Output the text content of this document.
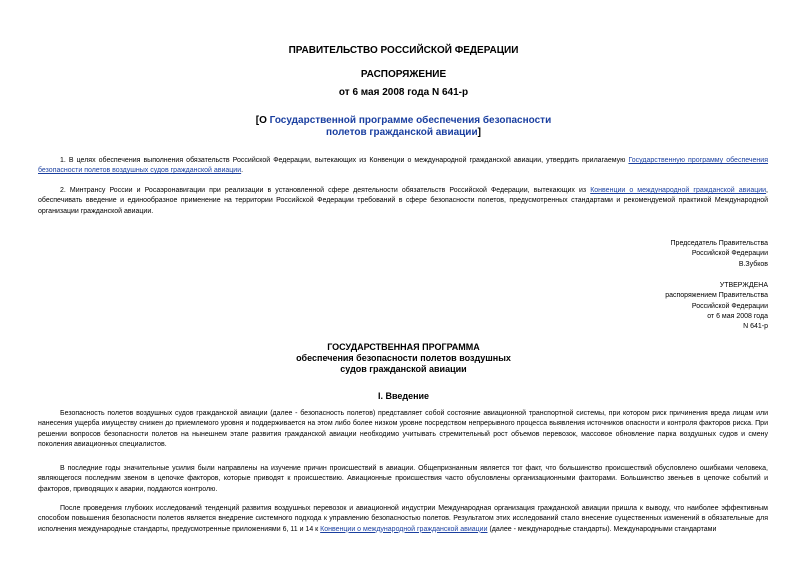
ПРАВИТЕЛЬСТВО РОССИЙСКОЙ ФЕДЕРАЦИИ
РАСПОРЯЖЕНИЕ
от 6 мая 2008 года N 641-р
[О Государственной программе обеспечения безопасности
полетов гражданской авиации]
1. В целях обеспечения выполнения обязательств Российской Федерации, вытекающих из Конвенции о международной гражданской авиации, утвердить прилагаемую Государственную программу обеспечения безопасности полетов воздушных судов гражданской авиации.
2. Минтрансу России и Росаэронавигации при реализации в установленной сфере деятельности обязательств Российской Федерации, вытекающих из Конвенции о международной гражданской авиации, обеспечивать введение и единообразное применение на территории Российской Федерации требований в сфере безопасности полетов, предусмотренных стандартами и рекомендуемой практикой Международной организации гражданской авиации.
Председатель Правительства
Российской Федерации
В.Зубков
УТВЕРЖДЕНА
распоряжением Правительства
Российской Федерации
от 6 мая 2008 года
N 641-р
ГОСУДАРСТВЕННАЯ ПРОГРАММА
обеспечения безопасности полетов воздушных
судов гражданской авиации
I. Введение
Безопасность полетов воздушных судов гражданской авиации (далее - безопасность полетов) представляет собой состояние авиационной транспортной системы, при котором риск причинения вреда лицам или нанесения ущерба имуществу снижен до приемлемого уровня и поддерживается на этом либо более низком уровне посредством непрерывного процесса выявления источников опасности и контроля факторов риска. При решении вопросов безопасности полетов на нынешнем этапе развития гражданской авиации необходимо учитывать стремительный рост объемов перевозок, массовое обновление парка воздушных судов и смену поколения авиационных специалистов.
В последние годы значительные усилия были направлены на изучение причин происшествий в авиации. Общепризнанным является тот факт, что большинство происшествий обусловлено ошибками человека, являющегося последним звеном в цепочке факторов, которые приводят к происшествию. Авиационные происшествия часто обусловлены организационными факторами. Большинство звеньев в цепочке событий и факторов, приводящих к аварии, поддаются контролю.
После проведения глубоких исследований тенденций развития воздушных перевозок и авиационной индустрии Международная организация гражданской авиации пришла к выводу, что наиболее эффективным способом повышения безопасности полетов является внедрение системного подхода к управлению безопасностью полетов. Результатом этих исследований стало внесение существенных изменений в обязательные для исполнения международные стандарты, предусмотренные приложениями 6, 11 и 14 к Конвенции о международной гражданской авиации (далее - международные стандарты). Международными стандартами
